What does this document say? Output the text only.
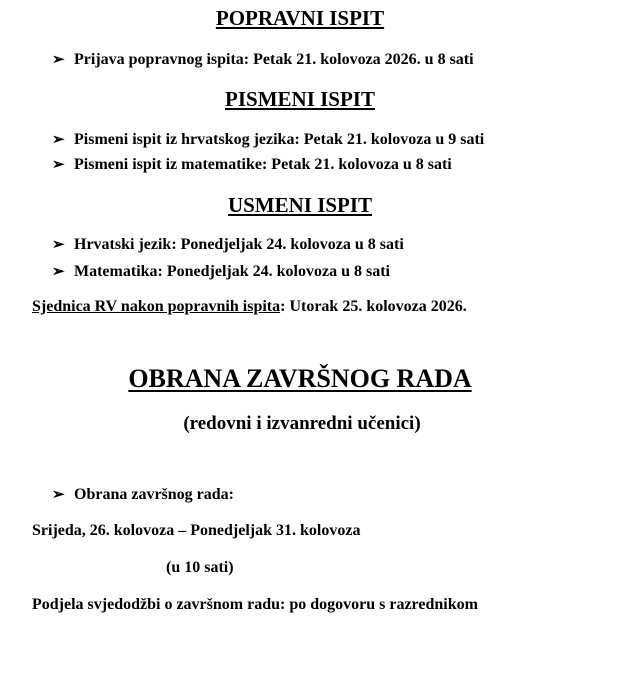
POPRAVNI ISPIT
➢ Prijava popravnog ispita: Petak 21. kolovoza 2026. u 8 sati
PISMENI ISPIT
➢ Pismeni ispit iz hrvatskog jezika: Petak 21. kolovoza u 9 sati
➢ Pismeni ispit iz matematike: Petak 21. kolovoza u 8 sati
USMENI ISPIT
➢ Hrvatski jezik: Ponedjeljak 24. kolovoza u 8 sati
➢ Matematika: Ponedjeljak 24. kolovoza u 8 sati
Sjednica RV nakon popravnih ispita: Utorak 25. kolovoza 2026.
OBRANA ZAVRŠNOG RADA
(redovni i izvanredni učenici)
➢ Obrana završnog rada:
Srijeda, 26. kolovoza – Ponedjeljak 31. kolovoza
(u 10 sati)
Podjela svjedodžbi o završnom radu: po dogovoru s razrednikom
